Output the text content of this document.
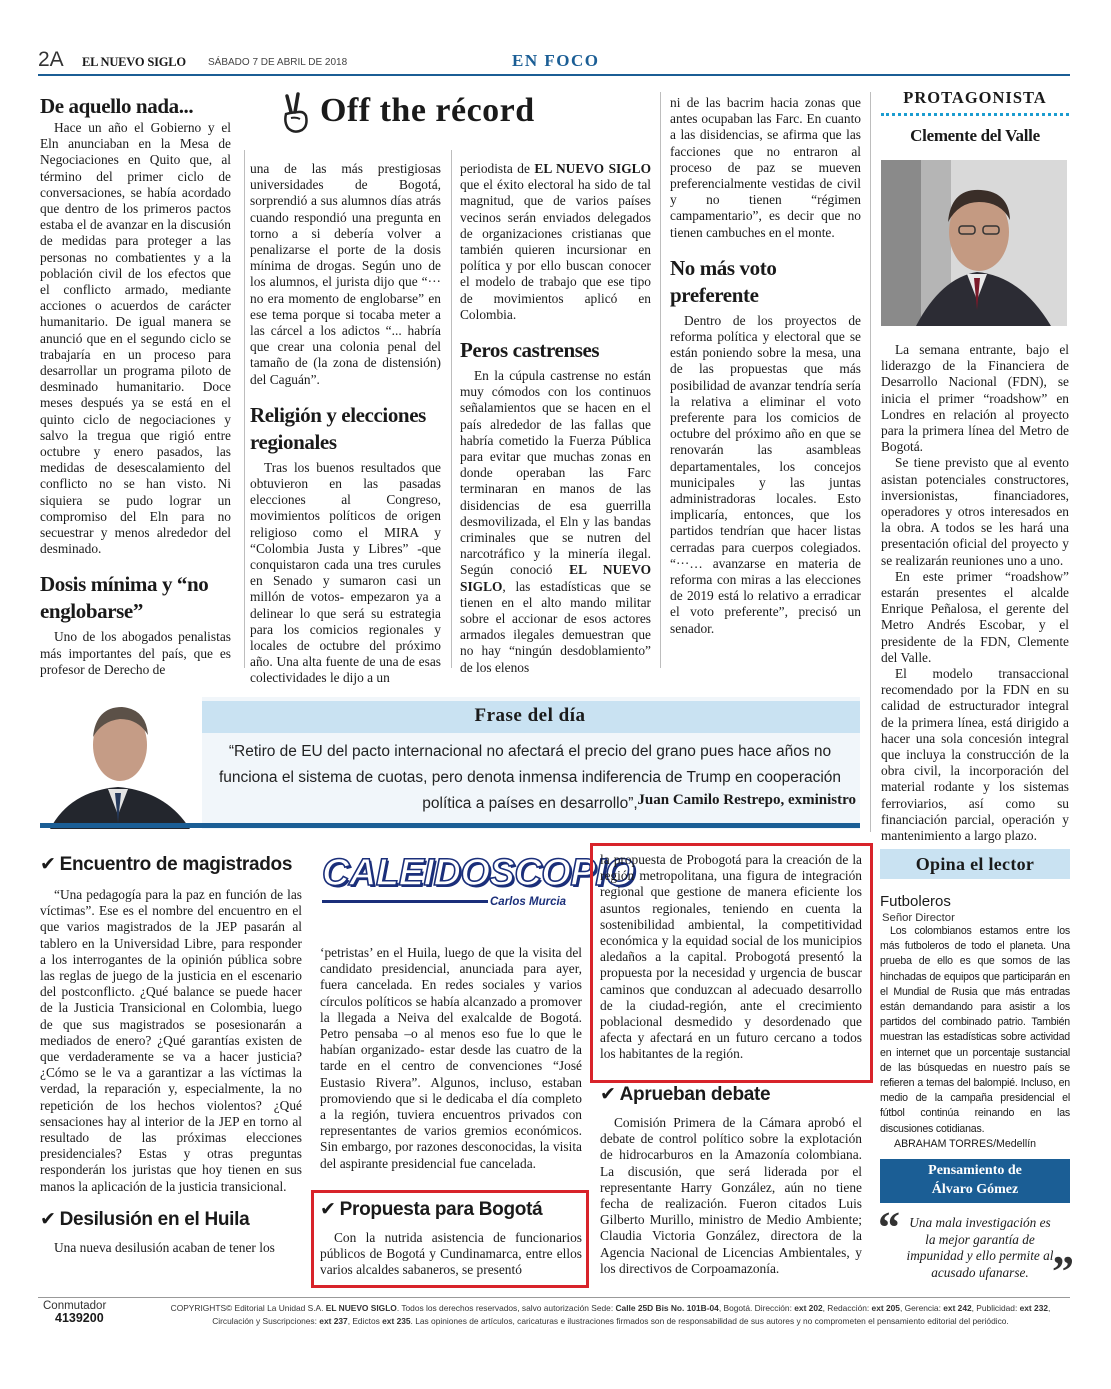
2A EL NUEVO SIGLO SÁBADO 7 DE ABRIL DE 2018	EN FOCO
Off the récord
De aquello nada...

Hace un año el Gobierno y el Eln anunciaban en la Mesa de Negociaciones en Quito que, al término del primer ciclo de conversaciones, se había acordado que dentro de los primeros pactos estaba el de avanzar en la discusión de medidas para proteger a las personas no combatientes y a la población civil de los efectos que el conflicto armado, mediante acciones o acuerdos de carácter humanitario. De igual manera se anunció que en el segundo ciclo se trabajaría en un proceso para desarrollar un programa piloto de desminado humanitario. Doce meses después ya se está en el quinto ciclo de negociaciones y salvo la tregua que rigió entre octubre y enero pasados, las medidas de desescalamiento del conflicto no se han visto. Ni siquiera se pudo lograr un compromiso del Eln para no secuestrar y menos alrededor del desminado.

Dosis mínima y “no englobarse”

Uno de los abogados penalistas más importantes del país, que es profesor de Derecho de

una de las más prestigiosas universidades de Bogotá, sorprendió a sus alumnos días atrás cuando respondió una pregunta en torno a si debería volver a penalizarse el porte de la dosis mínima de drogas. Según uno de los alumnos, el jurista dijo que “··· no era momento de englobarse” en ese tema porque si tocaba meter a las cárcel a los adictos “... habría que crear una colonia penal del tamaño de (la zona de distensión) del Caguán”.

Religión y elecciones regionales

Tras los buenos resultados que obtuvieron en las pasadas elecciones al Congreso, movimientos políticos de origen religioso como el MIRA y “Colombia Justa y Libres” -que conquistaron cada una tres curules en Senado y sumaron casi un millón de votos- empezaron ya a delinear lo que será su estrategia para los comicios regionales y locales de octubre del próximo año. Una alta fuente de una de esas colectividades le dijo a un

periodista de EL NUEVO SIGLO que el éxito electoral ha sido de tal magnitud, que de varios países vecinos serán enviados delegados de organizaciones cristianas que también quieren incursionar en política y por ello buscan conocer el modelo de trabajo que ese tipo de movimientos aplicó en Colombia.

Peros castrenses

En la cúpula castrense no están muy cómodos con los continuos señalamientos que se hacen en el país alrededor de las fallas que habría cometido la Fuerza Pública para evitar que muchas zonas en donde operaban las Farc terminaran en manos de las disidencias de esa guerrilla desmovilizada, el Eln y las bandas criminales que se nutren del narcotráfico y la minería ilegal. Según conoció EL NUEVO SIGLO, las estadísticas que se tienen en el alto mando militar sobre el accionar de esos actores armados ilegales demuestran que no hay “ningún desdoblamiento” de los elenos

ni de las bacrim hacia zonas que antes ocupaban las Farc. En cuanto a las disidencias, se afirma que las facciones que no entraron al proceso de paz se mueven preferencialmente vestidas de civil y no tienen “régimen campamentario”, es decir que no tienen cambuches en el monte.

No más voto preferente

Dentro de los proyectos de reforma política y electoral que se están poniendo sobre la mesa, una de las propuestas que más posibilidad de avanzar tendría sería la relativa a eliminar el voto preferente para los comicios de octubre del próximo año en que se renovarán las asambleas departamentales, los concejos municipales y las juntas administradoras locales. Esto implicaría, entonces, que los partidos tendrían que hacer listas cerradas para cuerpos colegiados. “···… avanzarse en materia de reforma con miras a las elecciones de 2019 está lo relativo a erradicar el voto preferente”, precisó un senador.

PROTAGONISTA
Clemente del Valle

La semana entrante, bajo el liderazgo de la Financiera de Desarrollo Nacional (FDN), se inicia el primer “roadshow” en Londres en relación al proyecto para la primera línea del Metro de Bogotá.

Se tiene previsto que al evento asistan potenciales constructores, inversionistas, financiadores, operadores y otros interesados en la obra. A todos se les hará una presentación oficial del proyecto y se realizarán reuniones uno a uno.

En este primer “roadshow” estarán presentes el alcalde Enrique Peñalosa, el gerente del Metro Andrés Escobar, y el presidente de la FDN, Clemente del Valle.

El modelo transaccional recomendado por la FDN en su calidad de estructurador integral de la primera línea, está dirigido a hacer una sola concesión integral que incluya la construcción de la obra civil, la incorporación del material rodante y los sistemas ferroviarios, así como su financiación parcial, operación y mantenimiento a largo plazo.

Frase del día
“Retiro de EU del pacto internacional no afectará el precio del grano pues hace años no funciona el sistema de cuotas, pero denota inmensa indiferencia de Trump en cooperación política a países en desarrollo”, Juan Camilo Restrepo, exministro
✔ Encuentro de magistrados

“Una pedagogía para la paz en función de las víctimas”. Ese es el nombre del encuentro en el que varios magistrados de la JEP pasarán al tablero en la Universidad Libre, para responder a los interrogantes de la opinión pública sobre las reglas de juego de la justicia en el escenario del postconflicto. ¿Qué balance se puede hacer de la Justicia Transicional en Colombia, luego de que sus magistrados se posesionarán a mediados de enero? ¿Qué garantías existen de que verdaderamente se va a hacer justicia? ¿Cómo se le va a garantizar a las víctimas la verdad, la reparación y, especialmente, la no repetición de los hechos violentos? ¿Qué sensaciones hay al interior de la JEP en torno al resultado de las próximas elecciones presidenciales? Estas y otras preguntas responderán los juristas que hoy tienen en sus manos la aplicación de la justicia transicional.

✔ Desilusión en el Huila

Una nueva desilusión acaban de tener los

CALEIDOSCOPIO
Carlos Murcia

‘petristas’ en el Huila, luego de que la visita del candidato presidencial, anunciada para ayer, fuera cancelada. En redes sociales y varios círculos políticos se había alcanzado a promover la llegada a Neiva del exalcalde de Bogotá. Petro pensaba –o al menos eso fue lo que le habían organizado- estar desde las cuatro de la tarde en el centro de convenciones “José Eustasio Rivera”. Algunos, incluso, estaban promoviendo que si le dedicaba el día completo a la región, tuviera encuentros privados con representantes de varios gremios económicos. Sin embargo, por razones desconocidas, la visita del aspirante presidencial fue cancelada.

✔ Propuesta para Bogotá

Con la nutrida asistencia de funcionarios públicos de Bogotá y Cundinamarca, entre ellos varios alcaldes sabaneros, se presentó

la propuesta de Probogotá para la creación de la región metropolitana, una figura de integración regional que gestione de manera eficiente los asuntos regionales, teniendo en cuenta la sostenibilidad ambiental, la competitividad económica y la equidad social de los municipios aledaños a la capital. Probogotá presentó la propuesta por la necesidad y urgencia de buscar caminos que conduzcan al adecuado desarrollo de la ciudad-región, ante el crecimiento poblacional desmedido y desordenado que afecta y afectará en un futuro cercano a todos los habitantes de la región.

✔ Aprueban debate

Comisión Primera de la Cámara aprobó el debate de control político sobre la explotación de hidrocarburos en la Amazonía colombiana. La discusión, que será liderada por el representante Harry González, aún no tiene fecha de realización. Fueron citados Luis Gilberto Murillo, ministro de Medio Ambiente; Claudia Victoria González, directora de la Agencia Nacional de Licencias Ambientales, y los directivos de Corpoamazonía.

Opina el lector
Futboleros
Señor Director
Los colombianos estamos entre los más futboleros de todo el planeta. Una prueba de ello es que somos de las hinchadas de equipos que participarán en el Mundial de Rusia que más entradas están demandando para asistir a los partidos del combinado patrio. También muestran las estadísticas sobre actividad en internet que un porcentaje sustancial de las búsquedas en nuestro país se refieren a temas del balompié. Incluso, en medio de la campaña presidencial el fútbol continúa reinando en las discusiones cotidianas.
ABRAHAM TORRES/Medellín
Pensamiento de
Álvaro Gómez
“ Una mala investigación es la mejor garantía de impunidad y ello permite al acusado ufanarse. ”
Conmutador
4139200
COPYRIGHTS© Editorial La Unidad S.A. EL NUEVO SIGLO. Todos los derechos reservados, salvo autorización Sede: Calle 25D Bis No. 101B-04, Bogotá. Dirección: ext 202, Redacción: ext 205, Gerencia: ext 242, Publicidad: ext 232,
Circulación y Suscripciones: ext 237, Edictos ext 235. Las opiniones de artículos, caricaturas e ilustraciones firmados son de responsabilidad de sus autores y no comprometen el pensamiento editorial del periódico.
